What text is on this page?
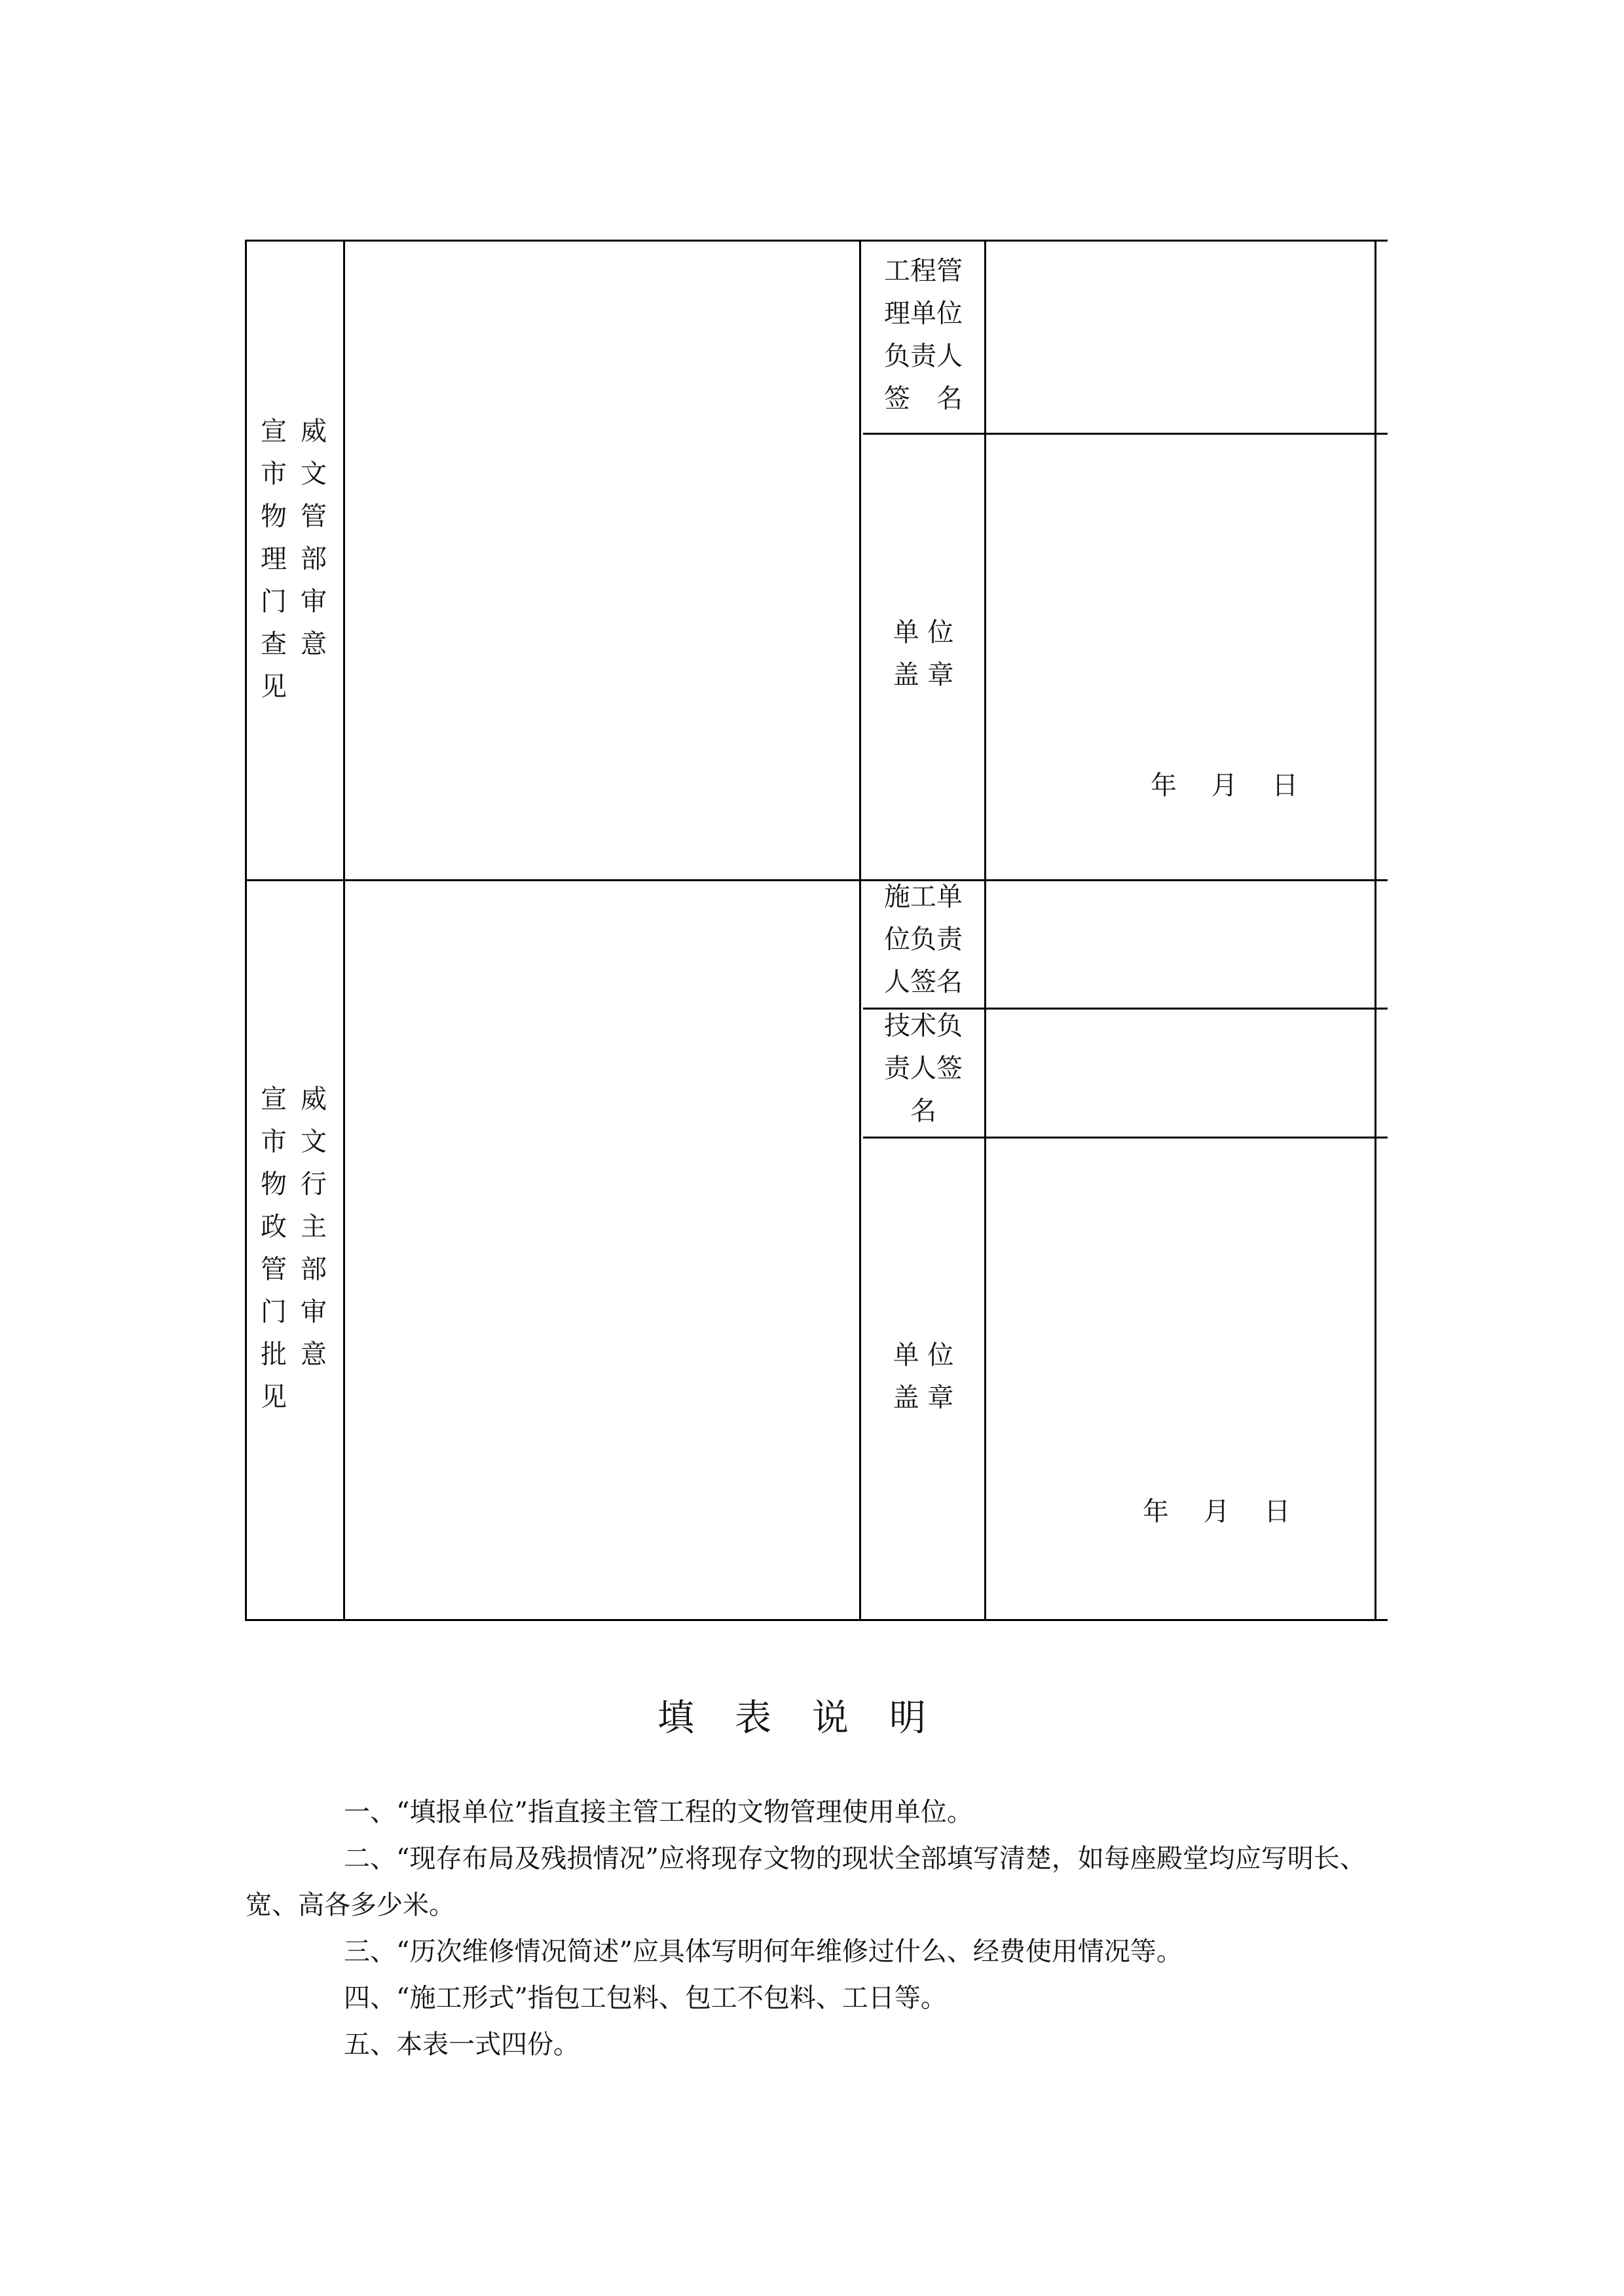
宣
市
物
理
门
查
见
威
文
管
部
审
意
工程管
理单位
负责人
签　名
单 位
盖 章
年　 月　 日
宣
市
物
政
管
门
批
见
威
文
行
主
部
审
意
施工单
位负责
人签名
技术负
责人签
名
单 位
盖 章
年　 月　 日
填表说明
一、“填报单位”指直接主管工程的文物管理使用单位。
二、“现存布局及残损情况”应将现存文物的现状全部填写清楚，如每座殿堂均应写明长、宽、高各多少米。
三、“历次维修情况简述”应具体写明何年维修过什么、经费使用情况等。
四、“施工形式”指包工包料、包工不包料、工日等。
五、本表一式四份。
